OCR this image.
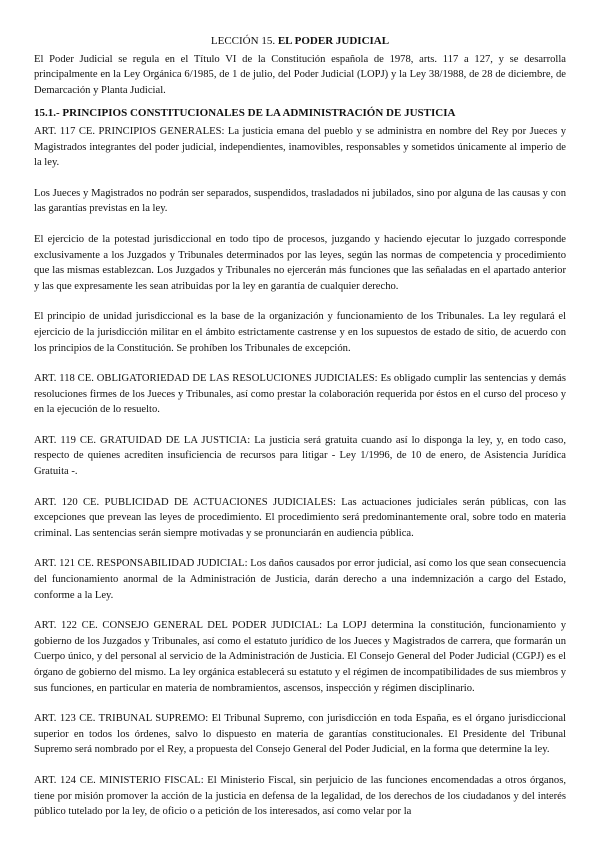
LECCIÓN 15. EL PODER JUDICIAL

El Poder Judicial se regula en el Título VI de la Constitución española de 1978, arts. 117 a 127, y se desarrolla principalmente en la Ley Orgánica 6/1985, de 1 de julio, del Poder Judicial (LOPJ) y la Ley 38/1988, de 28 de diciembre, de Demarcación y Planta Judicial.

15.1.- PRINCIPIOS CONSTITUCIONALES DE LA ADMINISTRACIÓN DE JUSTICIA

ART. 117 CE. PRINCIPIOS GENERALES: La justicia emana del pueblo y se administra en nombre del Rey por Jueces y Magistrados integrantes del poder judicial, independientes, inamovibles, responsables y sometidos únicamente al imperio de la ley.

Los Jueces y Magistrados no podrán ser separados, suspendidos, trasladados ni jubilados, sino por alguna de las causas y con las garantías previstas en la ley.

El ejercicio de la potestad jurisdiccional en todo tipo de procesos, juzgando y haciendo ejecutar lo juzgado corresponde exclusivamente a los Juzgados y Tribunales determinados por las leyes, según las normas de competencia y procedimiento que las mismas establezcan. Los Juzgados y Tribunales no ejercerán más funciones que las señaladas en el apartado anterior y las que expresamente les sean atribuidas por la ley en garantía de cualquier derecho.

El principio de unidad jurisdiccional es la base de la organización y funcionamiento de los Tribunales. La ley regulará el ejercicio de la jurisdicción militar en el ámbito estrictamente castrense y en los supuestos de estado de sitio, de acuerdo con los principios de la Constitución. Se prohíben los Tribunales de excepción.

ART. 118 CE. OBLIGATORIEDAD DE LAS RESOLUCIONES JUDICIALES: Es obligado cumplir las sentencias y demás resoluciones firmes de los Jueces y Tribunales, así como prestar la colaboración requerida por éstos en el curso del proceso y en la ejecución de lo resuelto.

ART. 119 CE. GRATUIDAD DE LA JUSTICIA: La justicia será gratuita cuando así lo disponga la ley, y, en todo caso, respecto de quienes acrediten insuficiencia de recursos para litigar - Ley 1/1996, de 10 de enero, de Asistencia Jurídica Gratuita -.

ART. 120 CE. PUBLICIDAD DE ACTUACIONES JUDICIALES: Las actuaciones judiciales serán públicas, con las excepciones que prevean las leyes de procedimiento. El procedimiento será predominantemente oral, sobre todo en materia criminal. Las sentencias serán siempre motivadas y se pronunciarán en audiencia pública.

ART. 121 CE. RESPONSABILIDAD JUDICIAL: Los daños causados por error judicial, así como los que sean consecuencia del funcionamiento anormal de la Administración de Justicia, darán derecho a una indemnización a cargo del Estado, conforme a la Ley.

ART. 122 CE. CONSEJO GENERAL DEL PODER JUDICIAL: La LOPJ determina la constitución, funcionamiento y gobierno de los Juzgados y Tribunales, así como el estatuto jurídico de los Jueces y Magistrados de carrera, que formarán un Cuerpo único, y del personal al servicio de la Administración de Justicia. El Consejo General del Poder Judicial (CGPJ) es el órgano de gobierno del mismo. La ley orgánica establecerá su estatuto y el régimen de incompatibilidades de sus miembros y sus funciones, en particular en materia de nombramientos, ascensos, inspección y régimen disciplinario.

ART. 123 CE. TRIBUNAL SUPREMO: El Tribunal Supremo, con jurisdicción en toda España, es el órgano jurisdiccional superior en todos los órdenes, salvo lo dispuesto en materia de garantías constitucionales. El Presidente del Tribunal Supremo será nombrado por el Rey, a propuesta del Consejo General del Poder Judicial, en la forma que determine la ley.

ART. 124 CE. MINISTERIO FISCAL: El Ministerio Fiscal, sin perjuicio de las funciones encomendadas a otros órganos, tiene por misión promover la acción de la justicia en defensa de la legalidad, de los derechos de los ciudadanos y del interés público tutelado por la ley, de oficio o a petición de los interesados, así como velar por la
